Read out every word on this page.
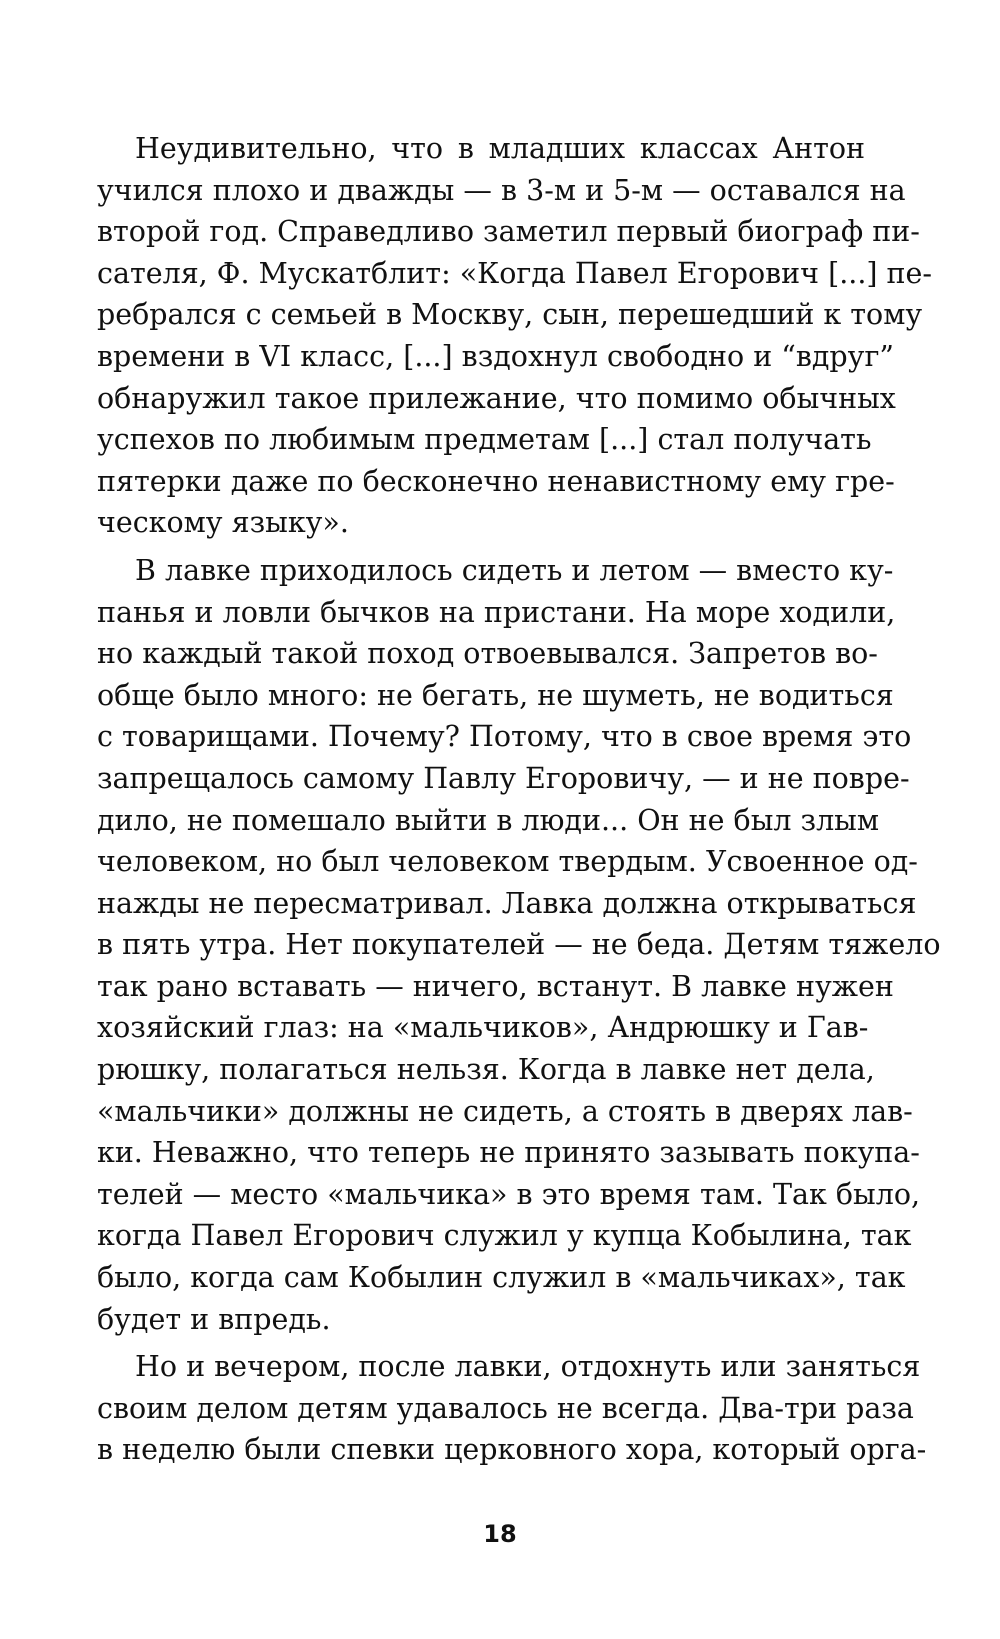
Неудивительно, что в младших классах Антон
учился плохо и дважды — в 3-м и 5-м — оставался на
второй год. Справедливо заметил первый биограф пи-
сателя, Ф. Мускатблит: «Когда Павел Егорович [...] пе-
ребрался с семьей в Москву, сын, перешедший к тому
времени в VI класс, [...] вздохнул свободно и “вдруг”
обнаружил такое прилежание, что помимо обычных
успехов по любимым предметам [...] стал получать
пятерки даже по бесконечно ненавистному ему гре-
ческому языку».
В лавке приходилось сидеть и летом — вместо ку-
панья и ловли бычков на пристани. На море ходили,
но каждый такой поход отвоевывался. Запретов во-
обще было много: не бегать, не шуметь, не водиться
с товарищами. Почему? Потому, что в свое время это
запрещалось самому Павлу Егоровичу, — и не повре-
дило, не помешало выйти в люди... Он не был злым
человеком, но был человеком твердым. Усвоенное од-
нажды не пересматривал. Лавка должна открываться
в пять утра. Нет покупателей — не беда. Детям тяжело
так рано вставать — ничего, встанут. В лавке нужен
хозяйский глаз: на «мальчиков», Андрюшку и Гав-
рюшку, полагаться нельзя. Когда в лавке нет дела,
«мальчики» должны не сидеть, а стоять в дверях лав-
ки. Неважно, что теперь не принято зазывать покупа-
телей — место «мальчика» в это время там. Так было,
когда Павел Егорович служил у купца Кобылина, так
было, когда сам Кобылин служил в «мальчиках», так
будет и впредь.
Но и вечером, после лавки, отдохнуть или заняться
своим делом детям удавалось не всегда. Два-три раза
в неделю были спевки церковного хора, который орга-
18
